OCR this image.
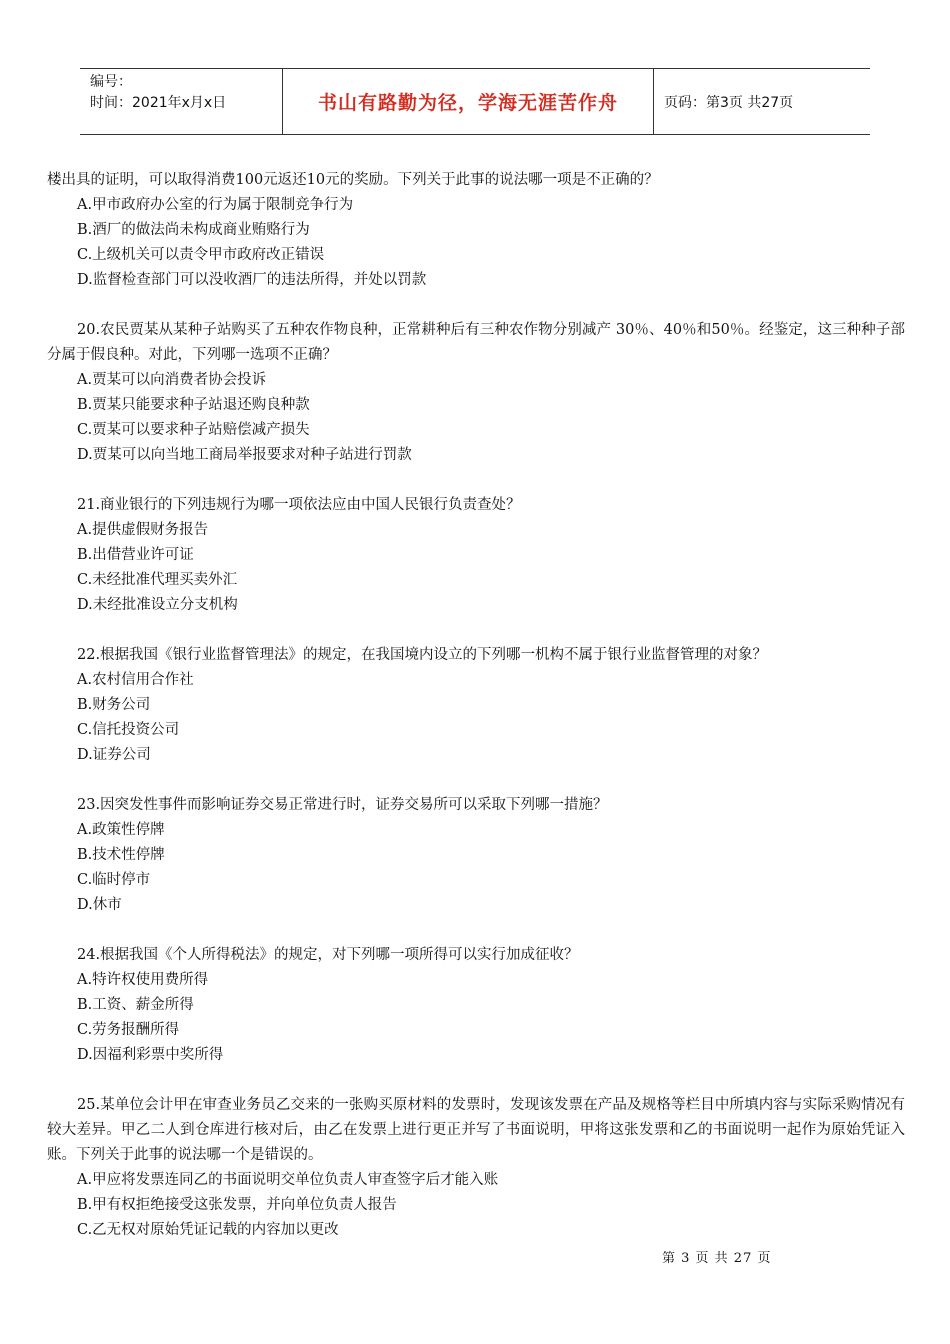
编号：
时间：2021年x月x日	书山有路勤为径，学海无涯苦作舟	页码：第3页 共27页

楼出具的证明，可以取得消费100元返还10元的奖励。下列关于此事的说法哪一项是不正确的？

A.甲市政府办公室的行为属于限制竞争行为
B.酒厂的做法尚未构成商业贿赂行为
C.上级机关可以责令甲市政府改正错误
D.监督检查部门可以没收酒厂的违法所得，并处以罚款

20.农民贾某从某种子站购买了五种农作物良种，正常耕种后有三种农作物分别减产 30％、40％和50％。经鉴定，这三种种子部分属于假良种。对此，下列哪一选项不正确？

A.贾某可以向消费者协会投诉
B.贾某只能要求种子站退还购良种款
C.贾某可以要求种子站赔偿减产损失
D.贾某可以向当地工商局举报要求对种子站进行罚款

21.商业银行的下列违规行为哪一项依法应由中国人民银行负责查处？

A.提供虚假财务报告
B.出借营业许可证
C.未经批准代理买卖外汇
D.未经批准设立分支机构

22.根据我国《银行业监督管理法》的规定，在我国境内设立的下列哪一机构不属于银行业监督管理的对象？

A.农村信用合作社
B.财务公司
C.信托投资公司
D.证券公司

23.因突发性事件而影响证券交易正常进行时，证券交易所可以采取下列哪一措施？

A.政策性停牌
B.技术性停牌
C.临时停市
D.休市

24.根据我国《个人所得税法》的规定，对下列哪一项所得可以实行加成征收？

A.特许权使用费所得
B.工资、薪金所得
C.劳务报酬所得
D.因福利彩票中奖所得

25.某单位会计甲在审查业务员乙交来的一张购买原材料的发票时，发现该发票在产品及规格等栏目中所填内容与实际采购情况有较大差异。甲乙二人到仓库进行核对后，由乙在发票上进行更正并写了书面说明，甲将这张发票和乙的书面说明一起作为原始凭证入账。下列关于此事的说法哪一个是错误的。

A.甲应将发票连同乙的书面说明交单位负责人审查签字后才能入账
B.甲有权拒绝接受这张发票，并向单位负责人报告
C.乙无权对原始凭证记载的内容加以更改
第 3 页 共 27 页
